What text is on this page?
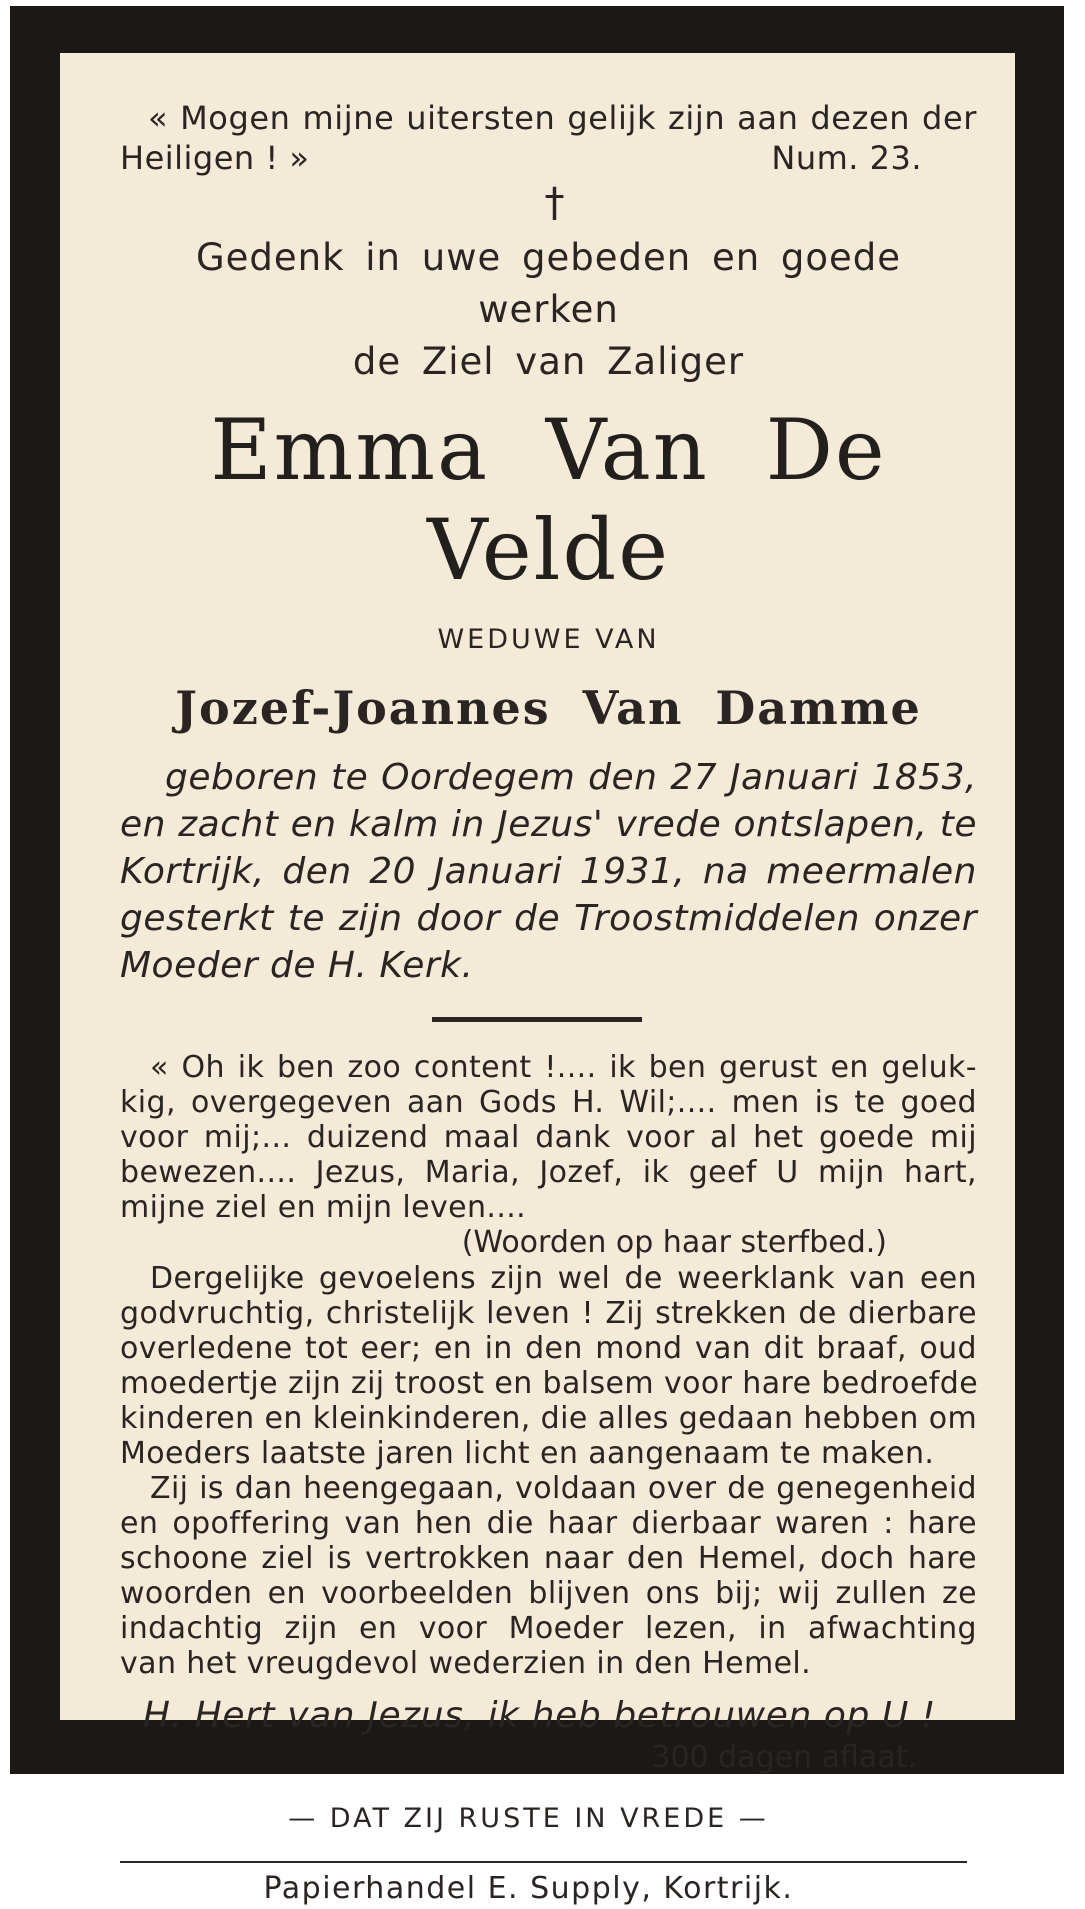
« Mogen mijne uitersten gelijk zijn aan dezen der
Heiligen ! »	Num. 23.
†
Gedenk in uwe gebeden en goede werken
de Ziel van Zaliger
Emma Van De Velde
WEDUWE VAN
Jozef-Joannes Van Damme
geboren te Oordegem den 27 Januari 1853,
en zacht en kalm in Jezus' vrede ontslapen, te
Kortrijk, den 20 Januari 1931, na meermalen
gesterkt te zijn door de Troostmiddelen onzer
Moeder de H. Kerk.
« Oh ik ben zoo content !.... ik ben gerust en geluk-
kig, overgegeven aan Gods H. Wil;.... men is te goed
voor mij;... duizend maal dank voor al het goede mij
bewezen.... Jezus, Maria, Jozef, ik geef U mijn hart,
mijne ziel en mijn leven....
(Woorden op haar sterfbed.)
Dergelijke gevoelens zijn wel de weerklank van een
godvruchtig, christelijk leven ! Zij strekken de dierbare
overledene tot eer; en in den mond van dit braaf, oud
moedertje zijn zij troost en balsem voor hare bedroefde
kinderen en kleinkinderen, die alles gedaan hebben om
Moeders laatste jaren licht en aangenaam te maken.
Zij is dan heengegaan, voldaan over de genegenheid
en opoffering van hen die haar dierbaar waren : hare
schoone ziel is vertrokken naar den Hemel, doch hare
woorden en voorbeelden blijven ons bij; wij zullen ze
indachtig zijn en voor Moeder lezen, in afwachting
van het vreugdevol wederzien in den Hemel.
H. Hert van Jezus, ik heb betrouwen op U !
300 dagen aflaat.
— DAT ZIJ RUSTE IN VREDE —
Papierhandel E. Supply, Kortrijk.
